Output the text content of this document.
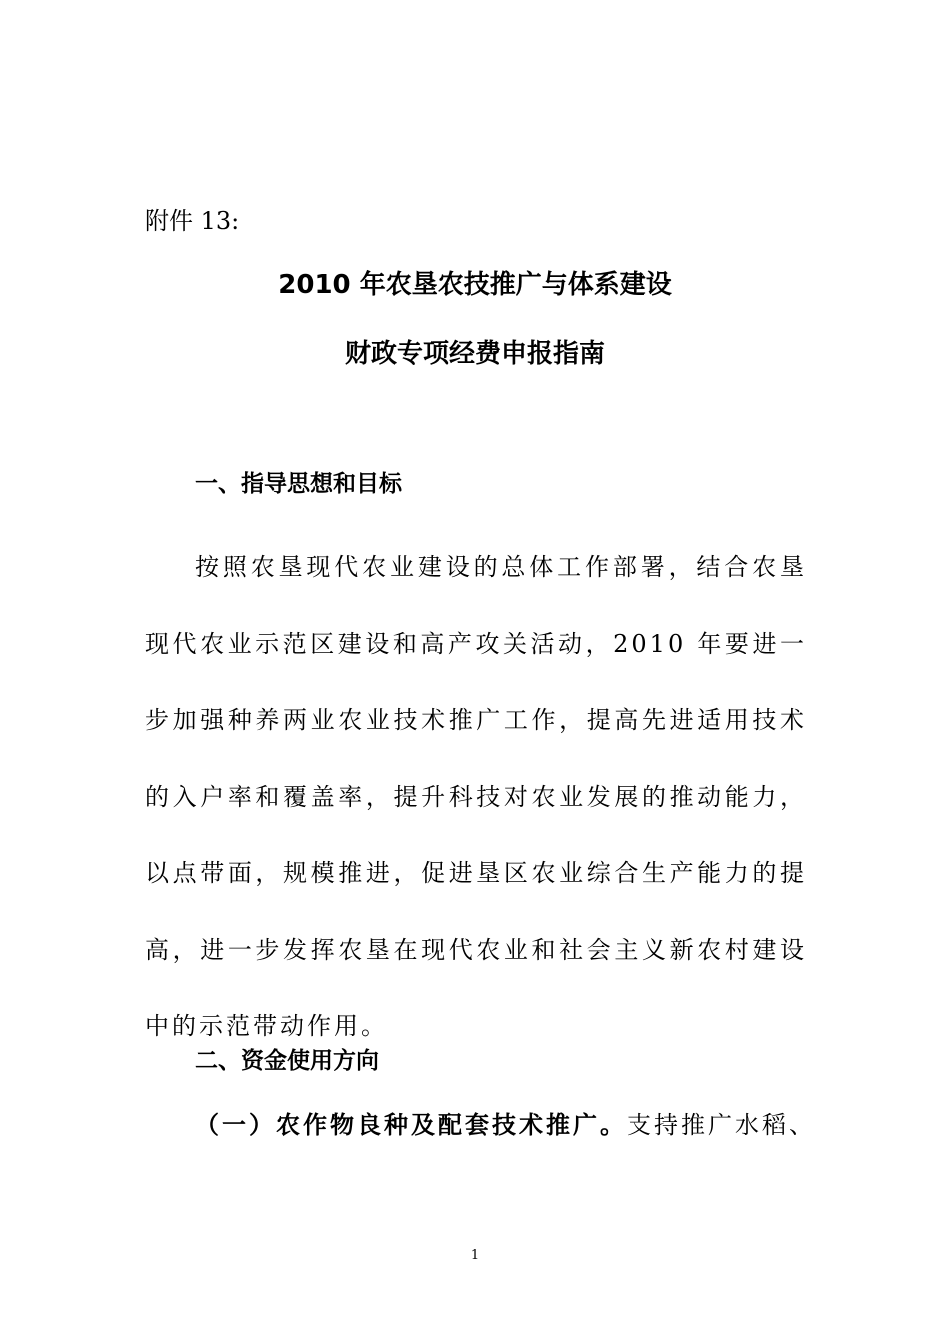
附件 13:
2010 年农垦农技推广与体系建设
财政专项经费申报指南
一、指导思想和目标

按照农垦现代农业建设的总体工作部署，结合农垦现代农业示范区建设和高产攻关活动，2010 年要进一步加强种养两业农业技术推广工作，提高先进适用技术的入户率和覆盖率，提升科技对农业发展的推动能力，以点带面，规模推进，促进垦区农业综合生产能力的提高，进一步发挥农垦在现代农业和社会主义新农村建设中的示范带动作用。

二、资金使用方向
（一）农作物良种及配套技术推广。支持推广水稻、
1
